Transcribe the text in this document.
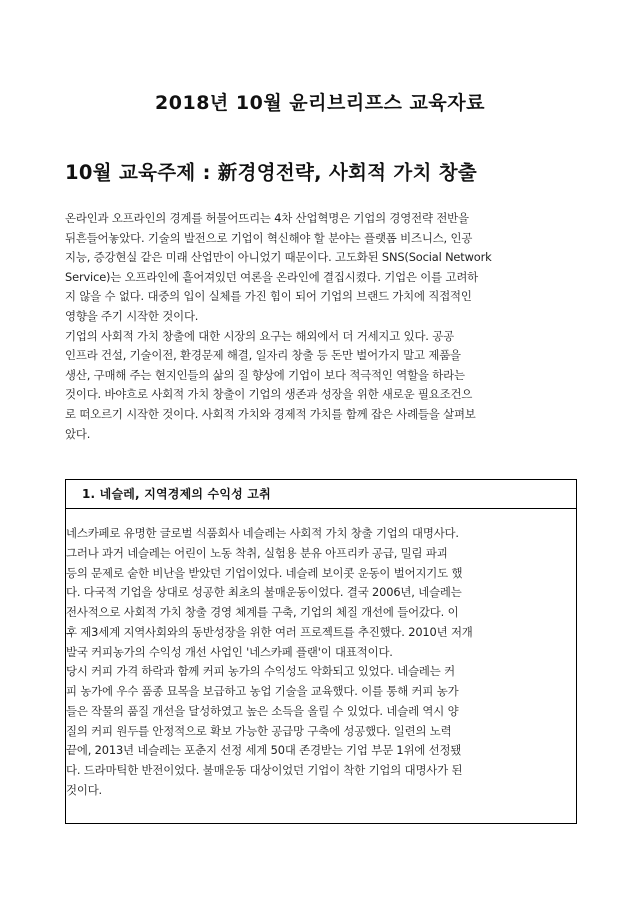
2018년 10월 윤리브리프스 교육자료
10월 교육주제 : 新경영전략, 사회적 가치 창출
온라인과 오프라인의 경계를 허물어뜨리는 4차 산업혁명은 기업의 경영전략 전반을
뒤흔들어놓았다. 기술의 발전으로 기업이 혁신해야 할 분야는 플랫폼 비즈니스, 인공
지능, 증강현실 같은 미래 산업만이 아니었기 때문이다. 고도화된 SNS(Social Network
Service)는 오프라인에 흩어져있던 여론을 온라인에 결집시켰다. 기업은 이를 고려하
지 않을 수 없다. 대중의 입이 실체를 가진 힘이 되어 기업의 브랜드 가치에 직접적인
영향을 주기 시작한 것이다.
기업의 사회적 가치 창출에 대한 시장의 요구는 해외에서 더 거세지고 있다. 공공
인프라 건설, 기술이전, 환경문제 해결, 일자리 창출 등 돈만 벌어가지 말고 제품을
생산, 구매해 주는 현지인들의 삶의 질 향상에 기업이 보다 적극적인 역할을 하라는
것이다. 바야흐로 사회적 가치 창출이 기업의 생존과 성장을 위한 새로운 필요조건으
로 떠오르기 시작한 것이다. 사회적 가치와 경제적 가치를 함께 잡은 사례들을 살펴보
았다.
1. 네슬레, 지역경제의 수익성 고취
네스카페로 유명한 글로벌 식품회사 네슬레는 사회적 가치 창출 기업의 대명사다.
그러나 과거 네슬레는 어린이 노동 착취, 실험용 분유 아프리카 공급, 밀림 파괴
등의 문제로 숱한 비난을 받았던 기업이었다. 네슬레 보이콧 운동이 벌어지기도 했
다. 다국적 기업을 상대로 성공한 최초의 불매운동이었다. 결국 2006년, 네슬레는
전사적으로 사회적 가치 창출 경영 체계를 구축, 기업의 체질 개선에 들어갔다. 이
후 제3세계 지역사회와의 동반성장을 위한 여러 프로젝트를 추진했다. 2010년 저개
발국 커피농가의 수익성 개선 사업인 '네스카페 플랜'이 대표적이다.
당시 커피 가격 하락과 함께 커피 농가의 수익성도 악화되고 있었다. 네슬레는 커
피 농가에 우수 품종 묘목을 보급하고 농업 기술을 교육했다. 이를 통해 커피 농가
들은 작물의 품질 개선을 달성하였고 높은 소득을 올릴 수 있었다. 네슬레 역시 양
질의 커피 원두를 안정적으로 확보 가능한 공급망 구축에 성공했다. 일련의 노력
끝에, 2013년 네슬레는 포춘지 선정 세계 50대 존경받는 기업 부문 1위에 선정됐
다. 드라마틱한 반전이었다. 불매운동 대상이었던 기업이 착한 기업의 대명사가 된
것이다.
